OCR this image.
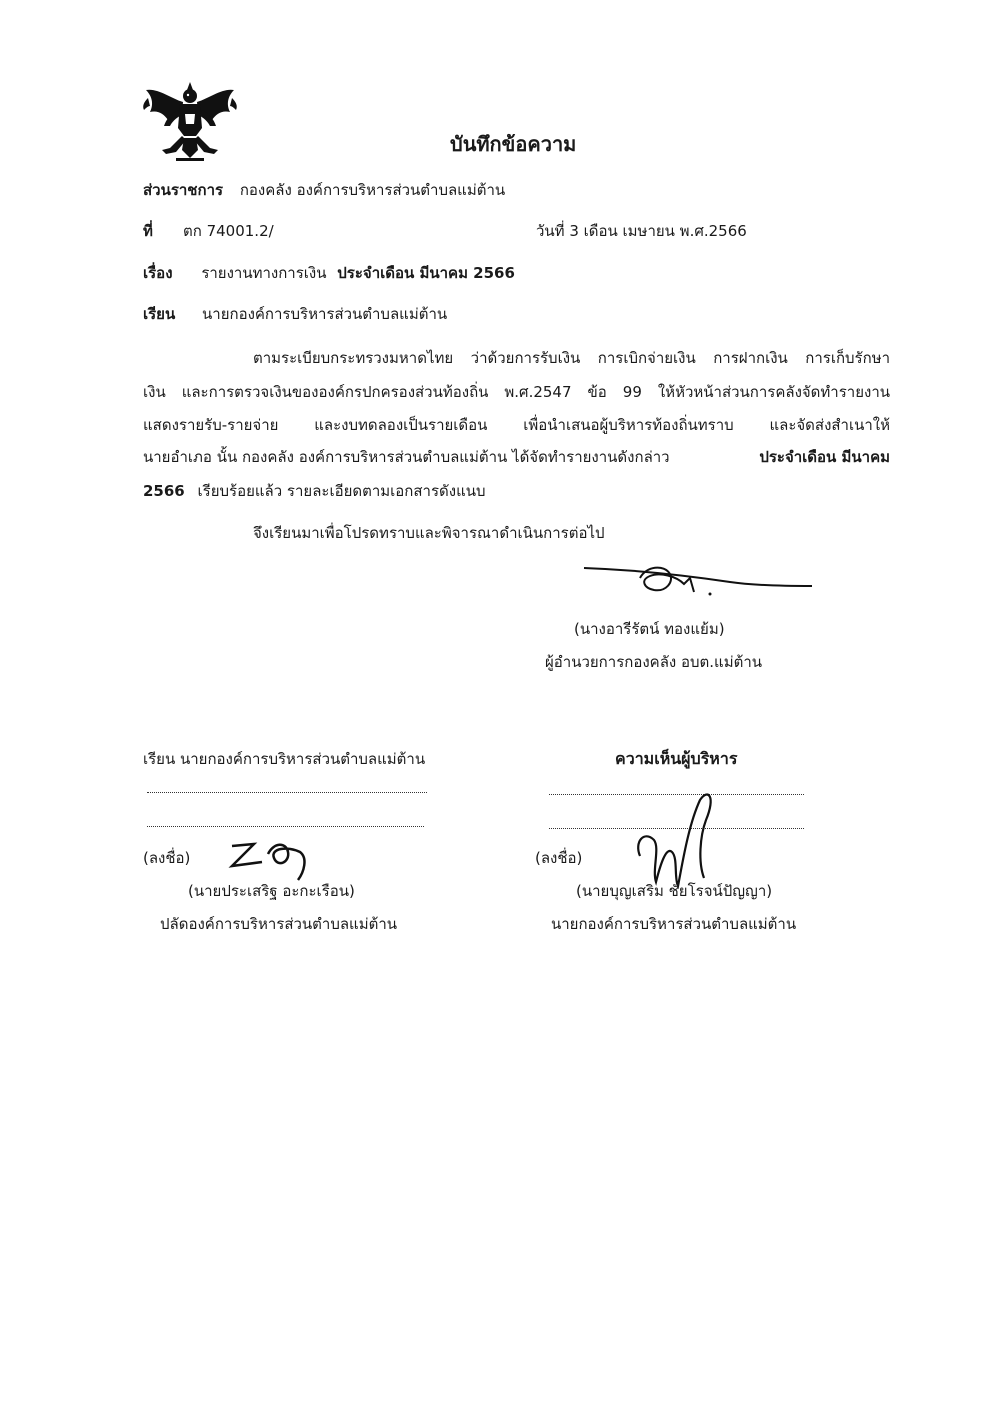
บันทึกข้อความ
ส่วนราชการ กองคลัง องค์การบริหารส่วนตำบลแม่ต้าน
ที่ ตก 74001.2/	วันที่ 3 เดือน เมษายน พ.ศ.2566
เรื่อง รายงานทางการเงิน ประจำเดือน มีนาคม 2566
เรียน นายกองค์การบริหารส่วนตำบลแม่ต้าน
ตามระเบียบกระทรวงมหาดไทย ว่าด้วยการรับเงิน การเบิกจ่ายเงิน การฝากเงิน การเก็บรักษา
เงิน และการตรวจเงินขององค์กรปกครองส่วนท้องถิ่น พ.ศ.2547 ข้อ 99 ให้หัวหน้าส่วนการคลังจัดทำรายงาน
แสดงรายรับ-รายจ่าย และงบทดลองเป็นรายเดือน เพื่อนำเสนอผู้บริหารท้องถิ่นทราบ และจัดส่งสำเนาให้
นายอำเภอ นั้น กองคลัง องค์การบริหารส่วนตำบลแม่ต้าน ได้จัดทำรายงานดังกล่าว	ประจำเดือน มีนาคม
2566 เรียบร้อยแล้ว รายละเอียดตามเอกสารดังแนบ
จึงเรียนมาเพื่อโปรดทราบและพิจารณาดำเนินการต่อไป
(นางอารีรัตน์ ทองแย้ม)
ผู้อำนวยการกองคลัง อบต.แม่ต้าน
เรียน นายกองค์การบริหารส่วนตำบลแม่ต้าน
(ลงชื่อ)
(นายประเสริฐ อะกะเรือน)
ปลัดองค์การบริหารส่วนตำบลแม่ต้าน
ความเห็นผู้บริหาร
(ลงชื่อ)
(นายบุญเสริม ชัยโรจน์ปัญญา)
นายกองค์การบริหารส่วนตำบลแม่ต้าน
